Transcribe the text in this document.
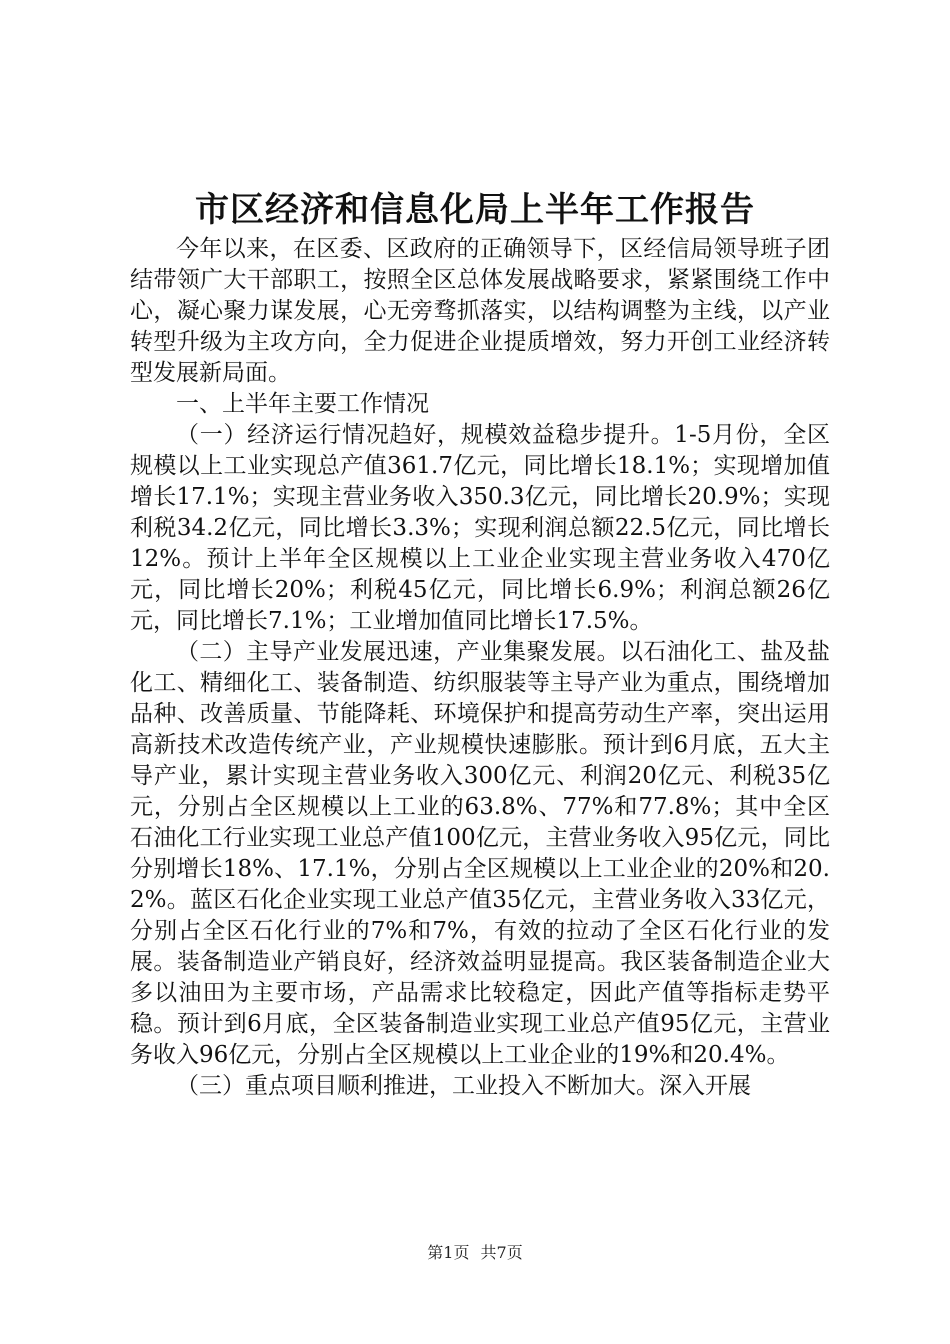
市区经济和信息化局上半年工作报告

今年以来，在区委、区政府的正确领导下，区经信局领导班子团结带领广大干部职工，按照全区总体发展战略要求，紧紧围绕工作中心，凝心聚力谋发展，心无旁骛抓落实，以结构调整为主线，以产业转型升级为主攻方向，全力促进企业提质增效，努力开创工业经济转型发展新局面。

一、上半年主要工作情况

（一）经济运行情况趋好，规模效益稳步提升。1-5月份，全区规模以上工业实现总产值361.7亿元，同比增长18.1%；实现增加值增长17.1%；实现主营业务收入350.3亿元，同比增长20.9%；实现利税34.2亿元，同比增长3.3%；实现利润总额22.5亿元，同比增长12%。预计上半年全区规模以上工业企业实现主营业务收入470亿元，同比增长20%；利税45亿元，同比增长6.9%；利润总额26亿元，同比增长7.1%；工业增加值同比增长17.5%。

（二）主导产业发展迅速，产业集聚发展。以石油化工、盐及盐化工、精细化工、装备制造、纺织服装等主导产业为重点，围绕增加品种、改善质量、节能降耗、环境保护和提高劳动生产率，突出运用高新技术改造传统产业，产业规模快速膨胀。预计到6月底，五大主导产业，累计实现主营业务收入300亿元、利润20亿元、利税35亿元，分别占全区规模以上工业的63.8%、77%和77.8%；其中全区石油化工行业实现工业总产值100亿元，主营业务收入95亿元，同比分别增长18%、17.1%，分别占全区规模以上工业企业的20%和20.2%。蓝区石化企业实现工业总产值35亿元，主营业务收入33亿元，分别占全区石化行业的7%和7%，有效的拉动了全区石化行业的发展。装备制造业产销良好，经济效益明显提高。我区装备制造企业大多以油田为主要市场，产品需求比较稳定，因此产值等指标走势平稳。预计到6月底，全区装备制造业实现工业总产值95亿元，主营业务收入96亿元，分别占全区规模以上工业企业的19%和20.4%。

（三）重点项目顺利推进，工业投入不断加大。深入开展

第1页 共7页
